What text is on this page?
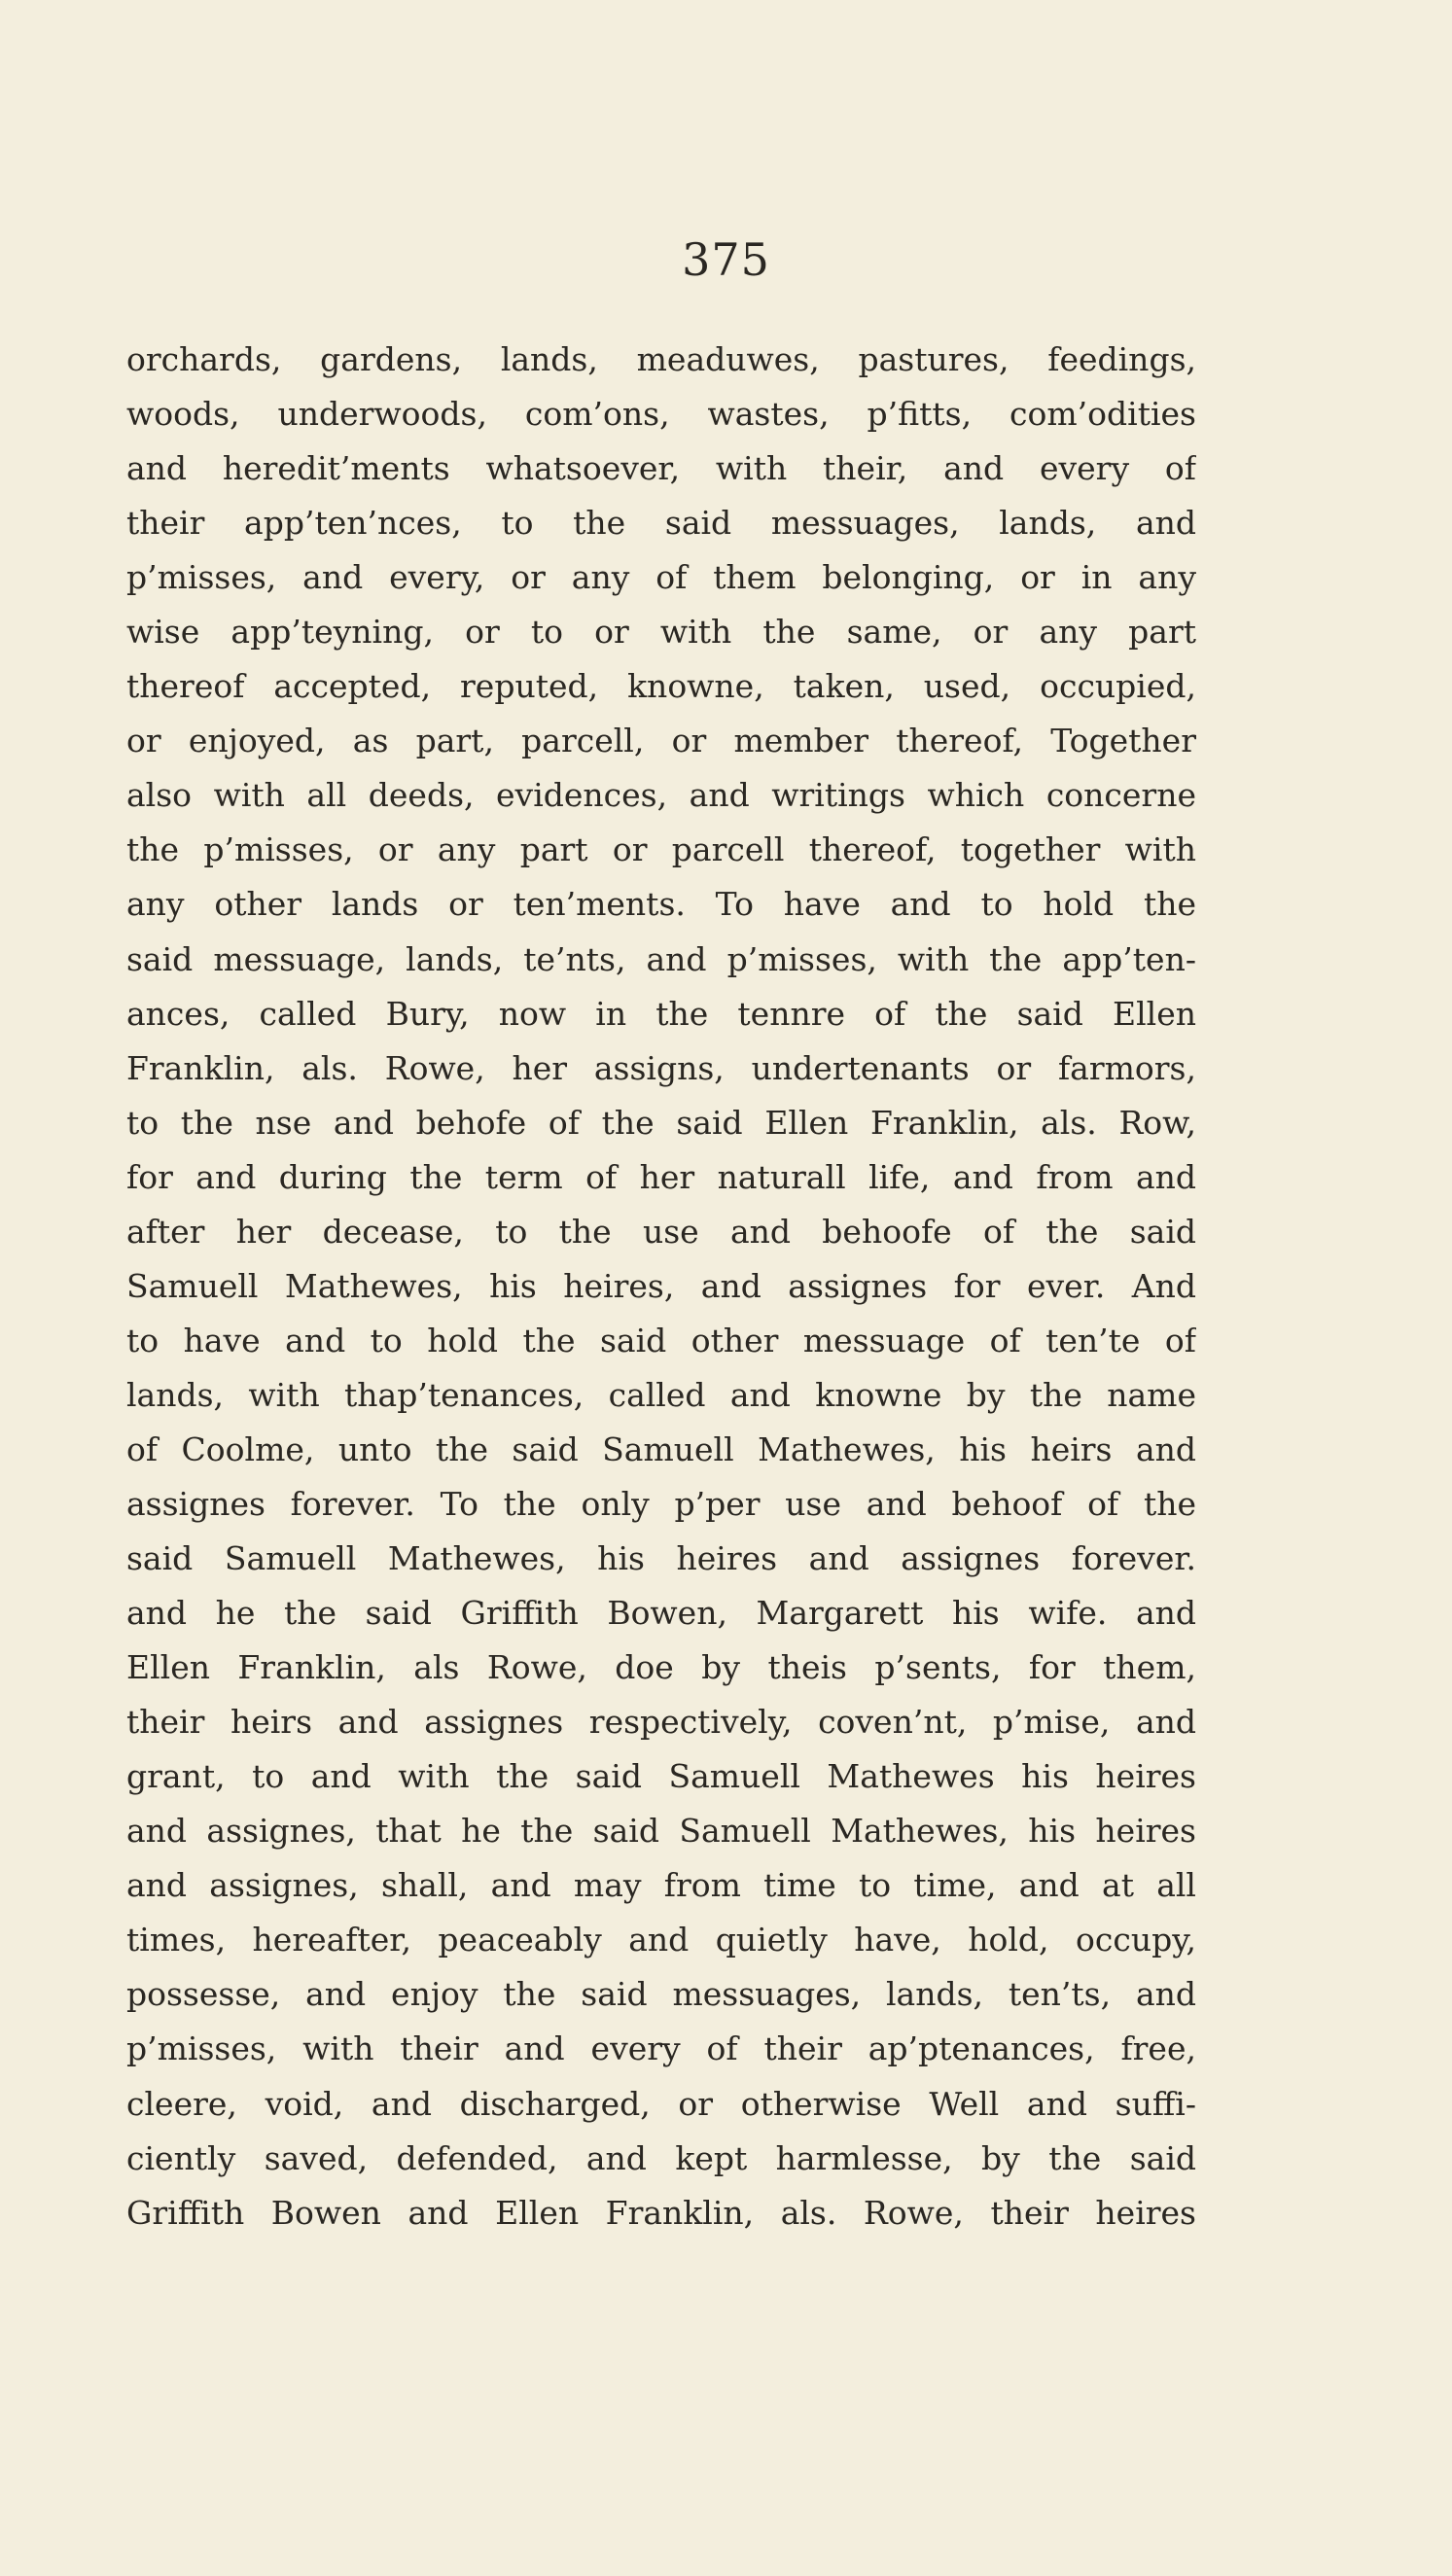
375
orchards, gardens, lands, meaduwes, pastures, feedings,
woods, underwoods, com’ons, wastes, p’fitts, com’odities
and heredit’ments whatsoever, with their, and every of
their app’ten’nces, to the said messuages, lands, and
p’misses, and every, or any of them belonging, or in any
wise app’teyning, or to or with the same, or any part
thereof accepted, reputed, knowne, taken, used, occupied,
or enjoyed, as part, parcell, or member thereof, Together
also with all deeds, evidences, and writings which concerne
the p’misses, or any part or parcell thereof, together with
any other lands or ten’ments. To have and to hold the
said messuage, lands, te’nts, and p’misses, with the app’ten-
ances, called Bury, now in the tennre of the said Ellen
Franklin, als. Rowe, her assigns, undertenants or farmors,
to the nse and behofe of the said Ellen Franklin, als. Row,
for and during the term of her naturall life, and from and
after her decease, to the use and behoofe of the said
Samuell Mathewes, his heires, and assignes for ever. And
to have and to hold the said other messuage of ten’te of
lands, with thap’tenances, called and knowne by the name
of Coolme, unto the said Samuell Mathewes, his heirs and
assignes forever. To the only p’per use and behoof of the
said Samuell Mathewes, his heires and assignes forever.
and he the said Griffith Bowen, Margarett his wife. and
Ellen Franklin, als Rowe, doe by theis p’sents, for them,
their heirs and assignes respectively, coven’nt, p’mise, and
grant, to and with the said Samuell Mathewes his heires
and assignes, that he the said Samuell Mathewes, his heires
and assignes, shall, and may from time to time, and at all
times, hereafter, peaceably and quietly have, hold, occupy,
possesse, and enjoy the said messuages, lands, ten’ts, and
p’misses, with their and every of their ap’ptenances, free,
cleere, void, and discharged, or otherwise Well and suffi-
ciently saved, defended, and kept harmlesse, by the said
Griffith Bowen and Ellen Franklin, als. Rowe, their heires
